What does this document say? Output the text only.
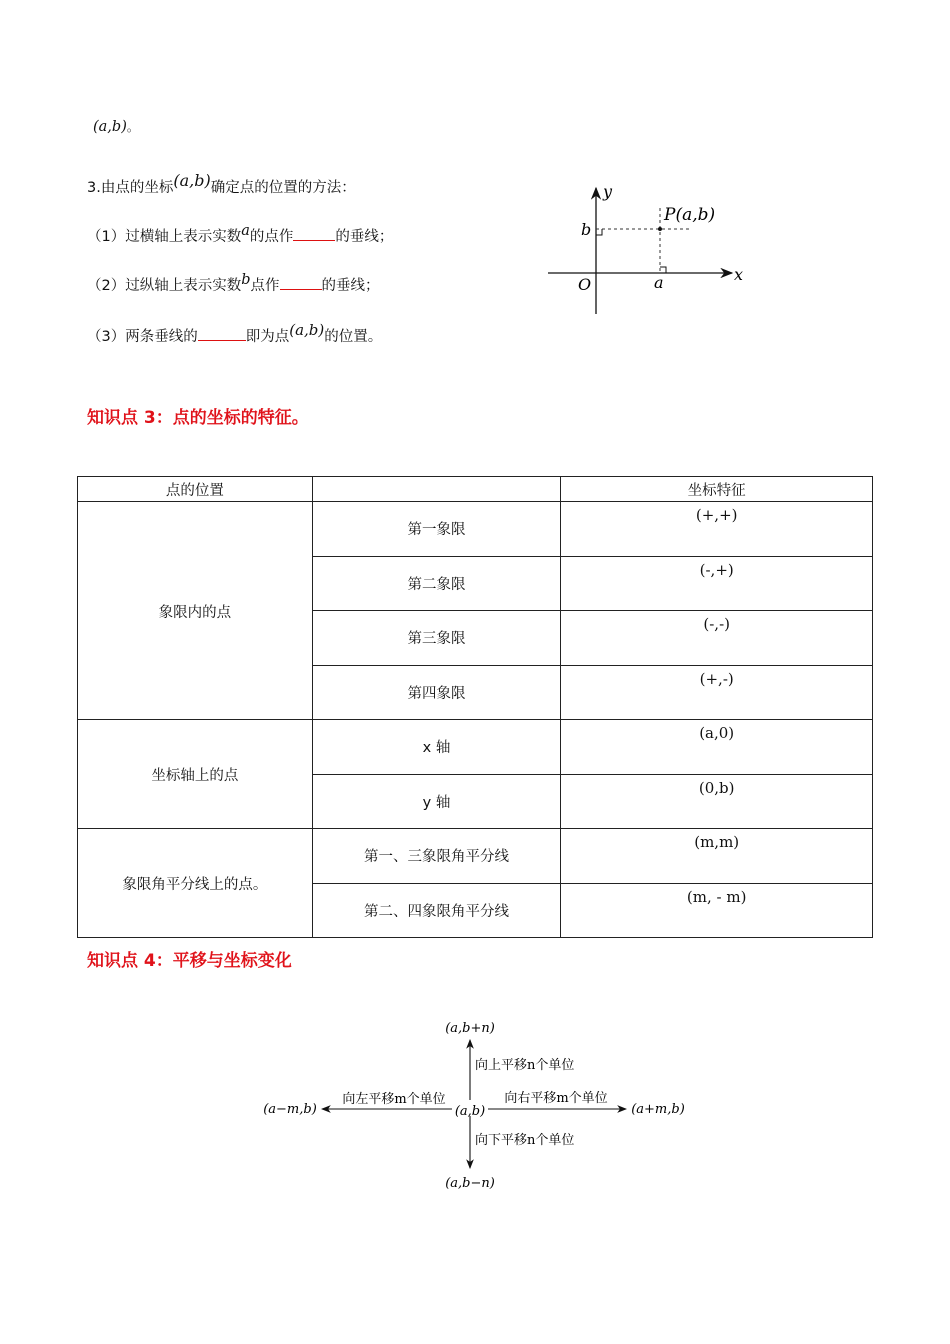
(a,b)。
3.由点的坐标(a,b)确定点的位置的方法：
（1）过横轴上表示实数a的点作	的垂线；
（2）过纵轴上表示实数b点作	的垂线；
（3）两条垂线的	即为点(a,b)的位置。
y
x
O
b
a
P(a,b)
知识点 3：点的坐标的特征。
点的位置		坐标特征
象限内的点	第一象限	(+,+)
	第二象限	(-,+)
	第三象限	(-,-)
	第四象限	(+,-)
坐标轴上的点	x 轴	(a,0)
	y 轴	(0,b)
象限角平分线上的点。	第一、三象限角平分线	(m,m)
	第二、四象限角平分线	(m, - m)
知识点 4：平移与坐标变化
(a,b)
(a,b+n)
(a,b−n)
(a−m,b)	(a+m,b)
向上平移n个单位
向下平移n个单位
向左平移m个单位	向右平移m个单位
